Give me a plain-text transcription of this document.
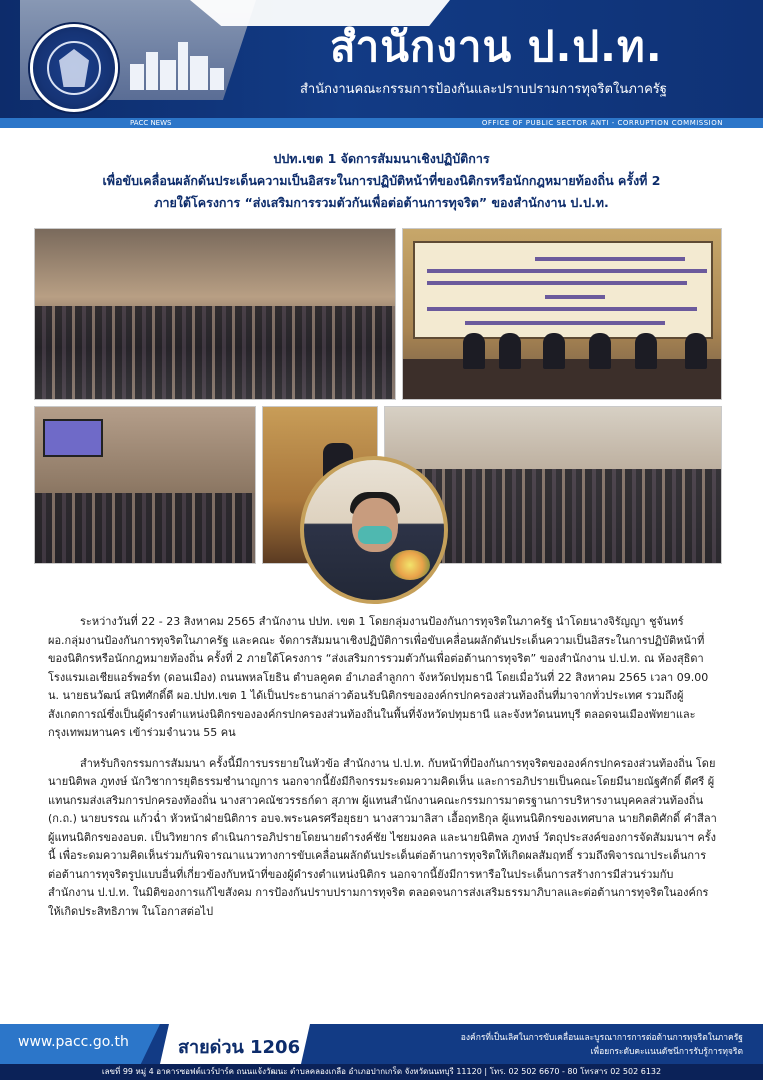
สำนักงาน ป.ป.ท.
สำนักงานคณะกรรมการป้องกันและปราบปรามการทุจริตในภาครัฐ
PACC NEWS	OFFICE OF PUBLIC SECTOR ANTI - CORRUPTION COMMISSION

ปปท.เขต 1 จัดการสัมมนาเชิงปฏิบัติการ

เพื่อขับเคลื่อนผลักดันประเด็นความเป็นอิสระในการปฏิบัติหน้าที่ของนิติกรหรือนักกฎหมายท้องถิ่น ครั้งที่ 2

ภายใต้โครงการ “ส่งเสริมการรวมตัวกันเพื่อต่อต้านการทุจริต” ของสำนักงาน ป.ป.ท.

ระหว่างวันที่ 22 - 23 สิงหาคม 2565 สำนักงาน ปปท. เขต 1 โดยกลุ่มงานป้องกันการทุจริตในภาครัฐ นำโดยนางจิรัญญา ชูจันทร์ ผอ.กลุ่มงานป้องกันการทุจริตในภาครัฐ และคณะ จัดการสัมมนาเชิงปฏิบัติการเพื่อขับเคลื่อนผลักดันประเด็นความเป็นอิสระในการปฏิบัติหน้าที่ของนิติกรหรือนักกฎหมายท้องถิ่น ครั้งที่ 2 ภายใต้โครงการ “ส่งเสริมการรวมตัวกันเพื่อต่อต้านการทุจริต” ของสำนักงาน ป.ป.ท. ณ ห้องสุธิดา โรงแรมเอเชียแอร์พอร์ท (ดอนเมือง) ถนนพหลโยธิน ตำบลคูคต อำเภอลำลูกกา จังหวัดปทุมธานี โดยเมื่อวันที่ 22 สิงหาคม 2565 เวลา 09.00 น. นายธนวัฒน์ สนิทศักดิ์ดี ผอ.ปปท.เขต 1 ได้เป็นประธานกล่าวต้อนรับนิติกรขององค์กรปกครองส่วนท้องถิ่นที่มาจากทั่วประเทศ รวมถึงผู้สังเกตการณ์ซึ่งเป็นผู้ดำรงตำแหน่งนิติกรขององค์กรปกครองส่วนท้องถิ่นในพื้นที่จังหวัดปทุมธานี และจังหวัดนนทบุรี ตลอดจนเมืองพัทยาและกรุงเทพมหานคร เข้าร่วมจำนวน 55 คน

สำหรับกิจกรรมการสัมมนา ครั้งนี้มีการบรรยายในหัวข้อ สำนักงาน ป.ป.ท. กับหน้าที่ป้องกันการทุจริตขององค์กรปกครองส่วนท้องถิ่น โดยนายนิติพล ภูทงษ์ นักวิชาการยุติธรรมชำนาญการ นอกจากนี้ยังมีกิจกรรมระดมความคิดเห็น และการอภิปรายเป็นคณะโดยมีนายณัฐศักดิ์ ดีศรี ผู้แทนกรมส่งเสริมการปกครองท้องถิ่น นางสาวคณัชวรรธก์ดา สุภาพ ผู้แทนสำนักงานคณะกรรมการมาตรฐานการบริหารงานบุคคลส่วนท้องถิ่น (ก.ถ.) นายบรรณ แก้วฉ่ำ หัวหน้าฝ่ายนิติการ อบจ.พระนครศรีอยุธยา นางสาวมาลิสา เอื้อฤทธิกุล ผู้แทนนิติกรของเทศบาล นายกิตติศักดิ์ คำสีลา ผู้แทนนิติกรของอบต. เป็นวิทยากร ดำเนินการอภิปรายโดยนายดำรงค์ชัย ไชยมงคล และนายนิติพล ภูทงษ์ วัตถุประสงค์ของการจัดสัมมนาฯ ครั้งนี้ เพื่อระดมความคิดเห็นร่วมกันพิจารณาแนวทางการขับเคลื่อนผลักดันประเด็นต่อต้านการทุจริตให้เกิดผลสัมฤทธิ์ รวมถึงพิจารณาประเด็นการต่อต้านการทุจริตรูปแบบอื่นที่เกี่ยวข้องกับหน้าที่ของผู้ดำรงตำแหน่งนิติกร นอกจากนี้ยังมีการหารือในประเด็นการสร้างการมีส่วนร่วมกับสำนักงาน ป.ป.ท. ในมิติของการแก้ไขสังคม การป้องกันปราบปรามการทุจริต ตลอดจนการส่งเสริมธรรมาภิบาลและต่อต้านการทุจริตในองค์กรให้เกิดประสิทธิภาพ ในโอกาสต่อไป

www.pacc.go.th	สายด่วน 1206	องค์กรที่เป็นเลิศในการขับเคลื่อนและบูรณาการการต่อต้านการทุจริตในภาครัฐ
เพื่อยกระดับคะแนนดัชนีการรับรู้การทุจริต
เลขที่ 99 หมู่ 4 อาคารซอฟต์แวร์ปาร์ค ถนนแจ้งวัฒนะ ตำบลคลองเกลือ อำเภอปากเกร็ด จังหวัดนนทบุรี 11120 | โทร. 02 502 6670 - 80 โทรสาร 02 502 6132
